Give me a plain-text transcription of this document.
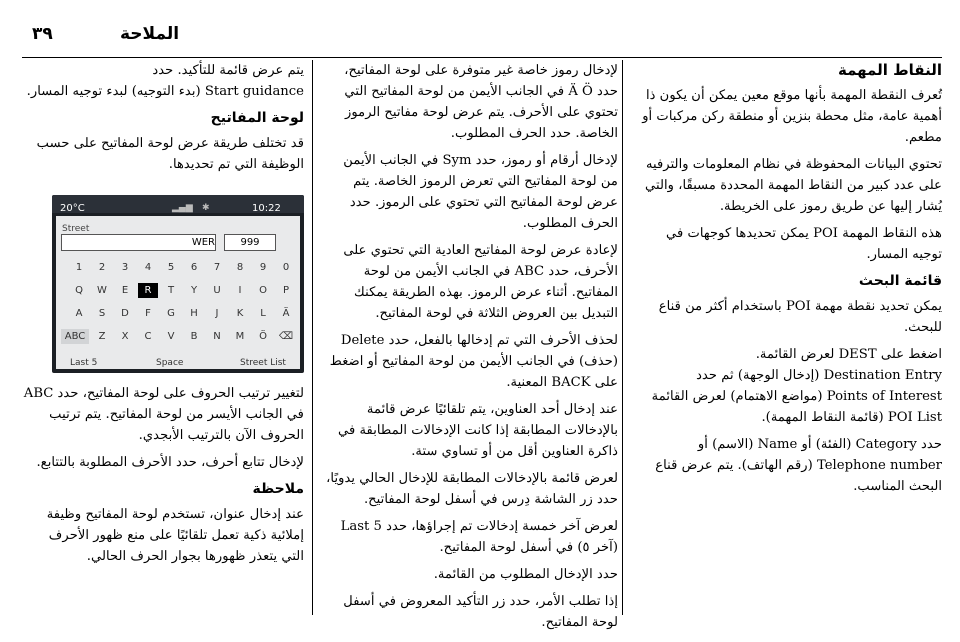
٣٩	الملاحة
النقاط المهمة

تُعرف النقطة المهمة بأنها موقع معين يمكن أن يكون ذا أهمية عامة، مثل محطة بنزين أو منطقة ركن مركبات أو مطعم.

تحتوي البيانات المحفوظة في نظام المعلومات والترفيه على عدد كبير من النقاط المهمة المحددة مسبقًا، والتي يُشار إليها عن طريق رموز على الخريطة.

هذه النقاط المهمة POI يمكن تحديدها كوجهات في توجيه المسار.

قائمة البحث

يمكن تحديد نقطة مهمة POI باستخدام أكثر من قناع للبحث.

اضغط على DEST لعرض القائمة.

Destination Entry (إدخال الوجهة) ثم حدد

Points of Interest (مواضع الاهتمام) لعرض القائمة

POI List (قائمة النقاط المهمة).

حدد Category (الفئة) أو Name (الاسم) أو

Telephone number (رقم الهاتف). يتم عرض قناع

البحث المناسب.

لإدخال رموز خاصة غير متوفرة على لوحة المفاتيح، حدد Ä Ö في الجانب الأيمن من لوحة المفاتيح التي تحتوي على الأحرف. يتم عرض لوحة مفاتيح الرموز الخاصة. حدد الحرف المطلوب.

لإدخال أرقام أو رموز، حدد Sym في الجانب الأيمن من لوحة المفاتيح التي تعرض الرموز الخاصة. يتم عرض لوحة المفاتيح التي تحتوي على الرموز. حدد الحرف المطلوب.

لإعادة عرض لوحة المفاتيح العادية التي تحتوي على الأحرف، حدد ABC في الجانب الأيمن من لوحة المفاتيح. أثناء عرض الرموز. بهذه الطريقة يمكنك التبديل بين العروض الثلاثة في لوحة المفاتيح.

لحذف الأحرف التي تم إدخالها بالفعل، حدد Delete (حذف) في الجانب الأيمن من لوحة المفاتيح أو اضغط على BACK المعنية.

عند إدخال أحد العناوين، يتم تلقائيًا عرض قائمة بالإدخالات المطابقة إذا كانت الإدخالات المطابقة في ذاكرة العناوين أقل من أو تساوي ستة.

لعرض قائمة بالإدخالات المطابقة للإدخال الحالي يدويًا، حدد زر الشاشة دِرس في أسفل لوحة المفاتيح.

لعرض آخر خمسة إدخالات تم إجراؤها، حدد Last 5 (آخر ٥) في أسفل لوحة المفاتيح.

حدد الإدخال المطلوب من القائمة.

إذا تطلب الأمر، حدد زر التأكيد المعروض في أسفل لوحة المفاتيح.

يتم عرض قائمة للتأكيد. حدد

Start guidance (بدء التوجيه) لبدء توجيه المسار.

لوحة المفاتيح

قد تختلف طريقة عرض لوحة المفاتيح على حسب الوظيفة التي تم تحديدها.

20°C	▂▄▆ ✱	10:22
Street
WER	999
1 2 3 4 5 6 7 8 9 0
Q W E R T Y U I O P
A S D F G H J K L Ä
ABC Z X C V B N M Ö ⌫
Last 5	Space	Street List

لتغيير ترتيب الحروف على لوحة المفاتيح، حدد ABC في الجانب الأيسر من لوحة المفاتيح. يتم ترتيب الحروف الآن بالترتيب الأبجدي.

لإدخال تتابع أحرف، حدد الأحرف المطلوبة بالتتابع.

ملاحظة

عند إدخال عنوان، تستخدم لوحة المفاتيح وظيفة إملائية ذكية تعمل تلقائيًا على منع ظهور الأحرف التي يتعذر ظهورها بجوار الحرف الحالي.
